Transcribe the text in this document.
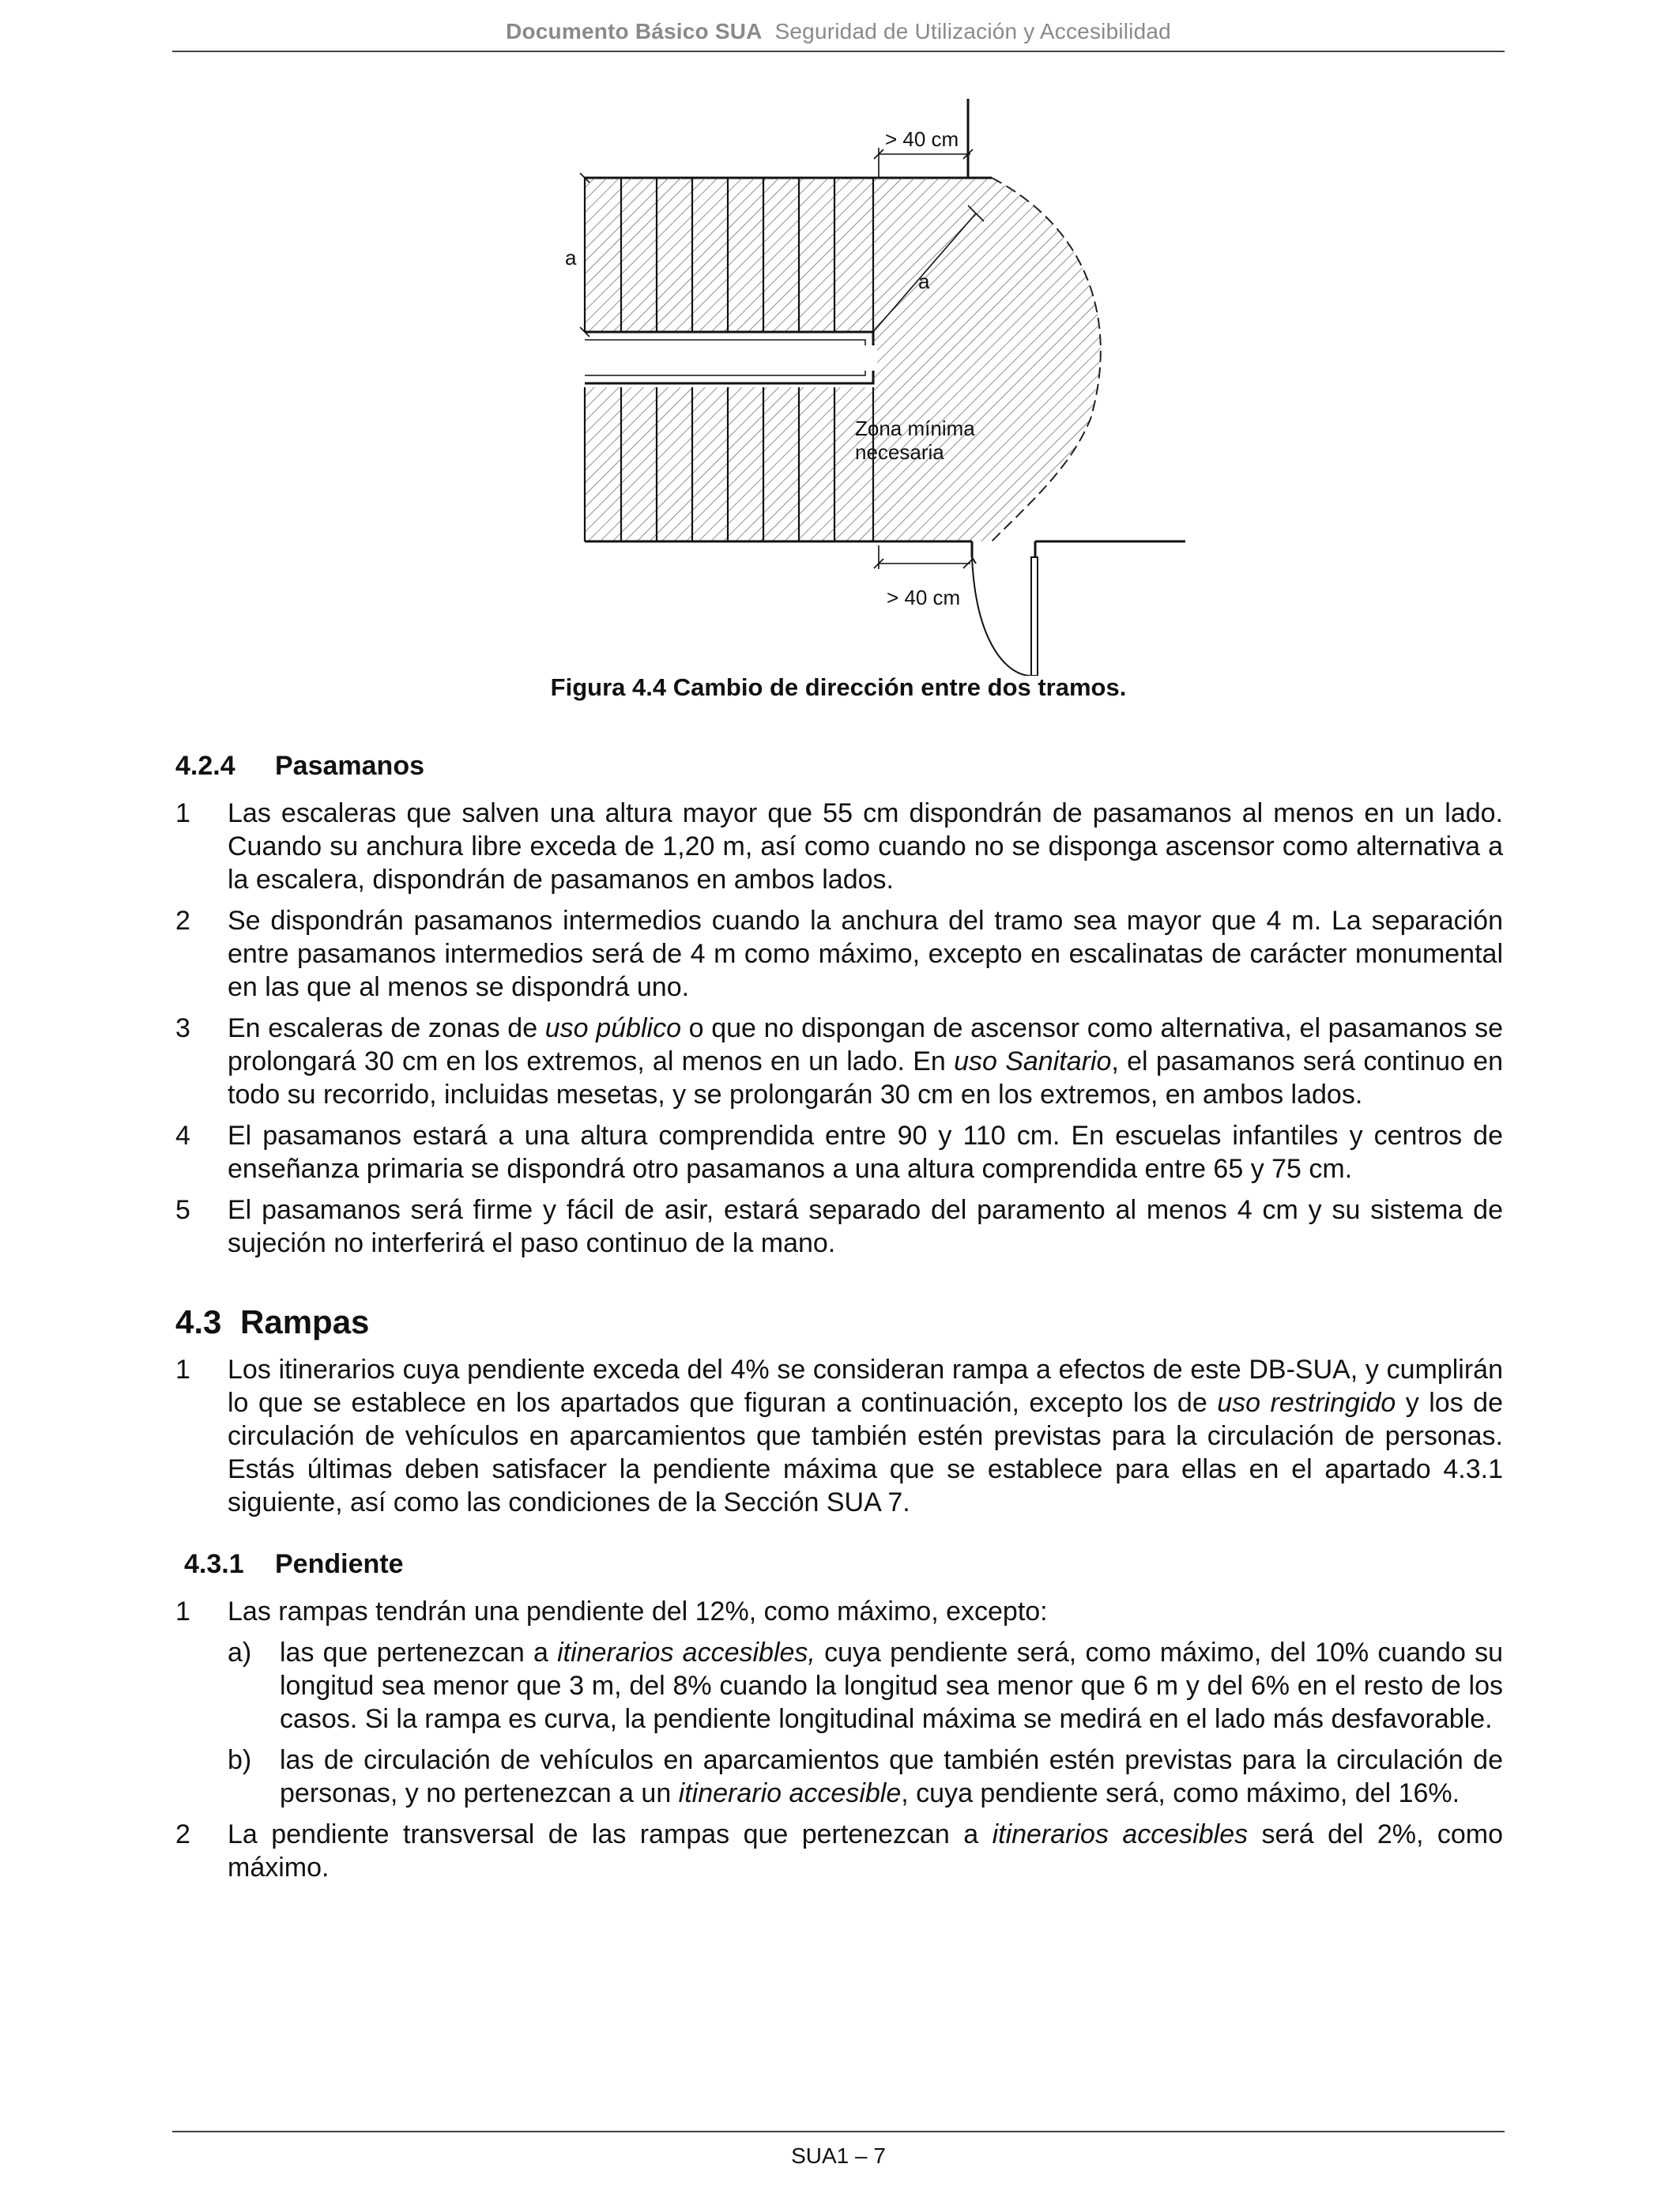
Documento Básico SUA Seguridad de Utilización y Accesibilidad
> 40 cm
> 40 cm
a
a
Zona mínima
necesaria
Figura 4.4 Cambio de dirección entre dos tramos.
4.2.4	Pasamanos
1	Las escaleras que salven una altura mayor que 55 cm dispondrán de pasamanos al menos en un lado. Cuando su anchura libre exceda de 1,20 m, así como cuando no se disponga ascensor como alternativa a la escalera, dispondrán de pasamanos en ambos lados.
2	Se dispondrán pasamanos intermedios cuando la anchura del tramo sea mayor que 4 m. La separación entre pasamanos intermedios será de 4 m como máximo, excepto en escalinatas de carácter monumental en las que al menos se dispondrá uno.
3	En escaleras de zonas de uso público o que no dispongan de ascensor como alternativa, el pasamanos se prolongará 30 cm en los extremos, al menos en un lado. En uso Sanitario, el pasamanos será continuo en todo su recorrido, incluidas mesetas, y se prolongarán 30 cm en los extremos, en ambos lados.
4	El pasamanos estará a una altura comprendida entre 90 y 110 cm. En escuelas infantiles y centros de enseñanza primaria se dispondrá otro pasamanos a una altura comprendida entre 65 y 75 cm.
5	El pasamanos será firme y fácil de asir, estará separado del paramento al menos 4 cm y su sistema de sujeción no interferirá el paso continuo de la mano.
4.3 Rampas
1	Los itinerarios cuya pendiente exceda del 4% se consideran rampa a efectos de este DB-SUA, y cumplirán lo que se establece en los apartados que figuran a continuación, excepto los de uso restringido y los de circulación de vehículos en aparcamientos que también estén previstas para la circulación de personas. Estás últimas deben satisfacer la pendiente máxima que se establece para ellas en el apartado 4.3.1 siguiente, así como las condiciones de la Sección SUA 7.
4.3.1	Pendiente
1	Las rampas tendrán una pendiente del 12%, como máximo, excepto:
a)	las que pertenezcan a itinerarios accesibles, cuya pendiente será, como máximo, del 10% cuando su longitud sea menor que 3 m, del 8% cuando la longitud sea menor que 6 m y del 6% en el resto de los casos. Si la rampa es curva, la pendiente longitudinal máxima se medirá en el lado más desfavorable.
b)	las de circulación de vehículos en aparcamientos que también estén previstas para la circulación de personas, y no pertenezcan a un itinerario accesible, cuya pendiente será, como máximo, del 16%.
2	La pendiente transversal de las rampas que pertenezcan a itinerarios accesibles será del 2%, como máximo.
SUA1 – 7
